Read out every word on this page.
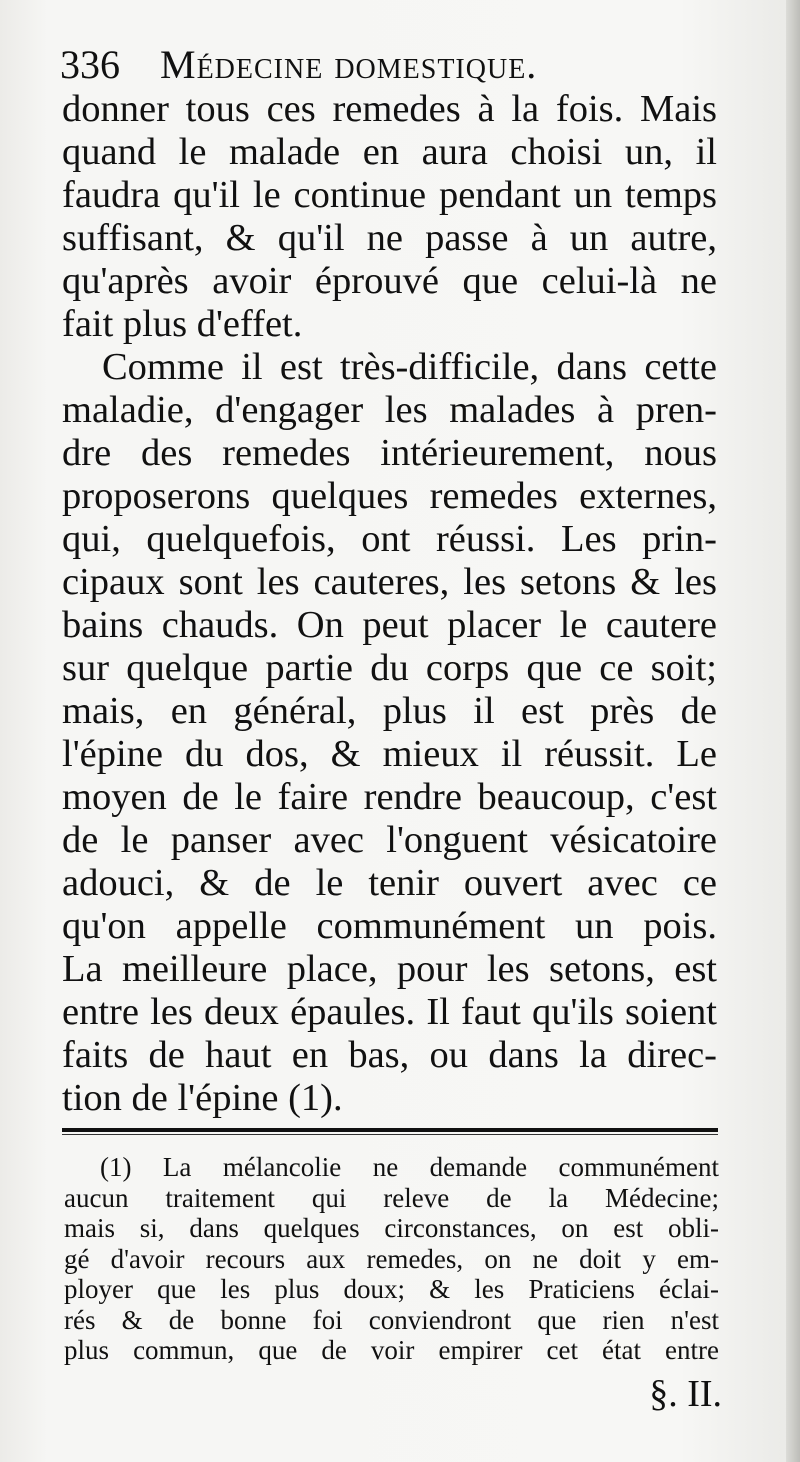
336 Médecine domestique.

donner tous ces remedes à la fois. Mais
quand le malade en aura choisi un, il
faudra qu'il le continue pendant un temps
suffisant, & qu'il ne passe à un autre,
qu'après avoir éprouvé que celui-là ne
fait plus d'effet.

Comme il est très-difficile, dans cette
maladie, d'engager les malades à pren-
dre des remedes intérieurement, nous
proposerons quelques remedes externes,
qui, quelquefois, ont réussi. Les prin-
cipaux sont les cauteres, les setons & les
bains chauds. On peut placer le cautere
sur quelque partie du corps que ce soit;
mais, en général, plus il est près de
l'épine du dos, & mieux il réussit. Le
moyen de le faire rendre beaucoup, c'est
de le panser avec l'onguent vésicatoire
adouci, & de le tenir ouvert avec ce
qu'on appelle communément un pois.
La meilleure place, pour les setons, est
entre les deux épaules. Il faut qu'ils soient
faits de haut en bas, ou dans la direc-
tion de l'épine (1).

(1) La mélancolie ne demande communément
aucun traitement qui releve de la Médecine;
mais si, dans quelques circonstances, on est obli-
gé d'avoir recours aux remedes, on ne doit y em-
ployer que les plus doux; & les Praticiens éclai-
rés & de bonne foi conviendront que rien n'est
plus commun, que de voir empirer cet état entre
§. II.
